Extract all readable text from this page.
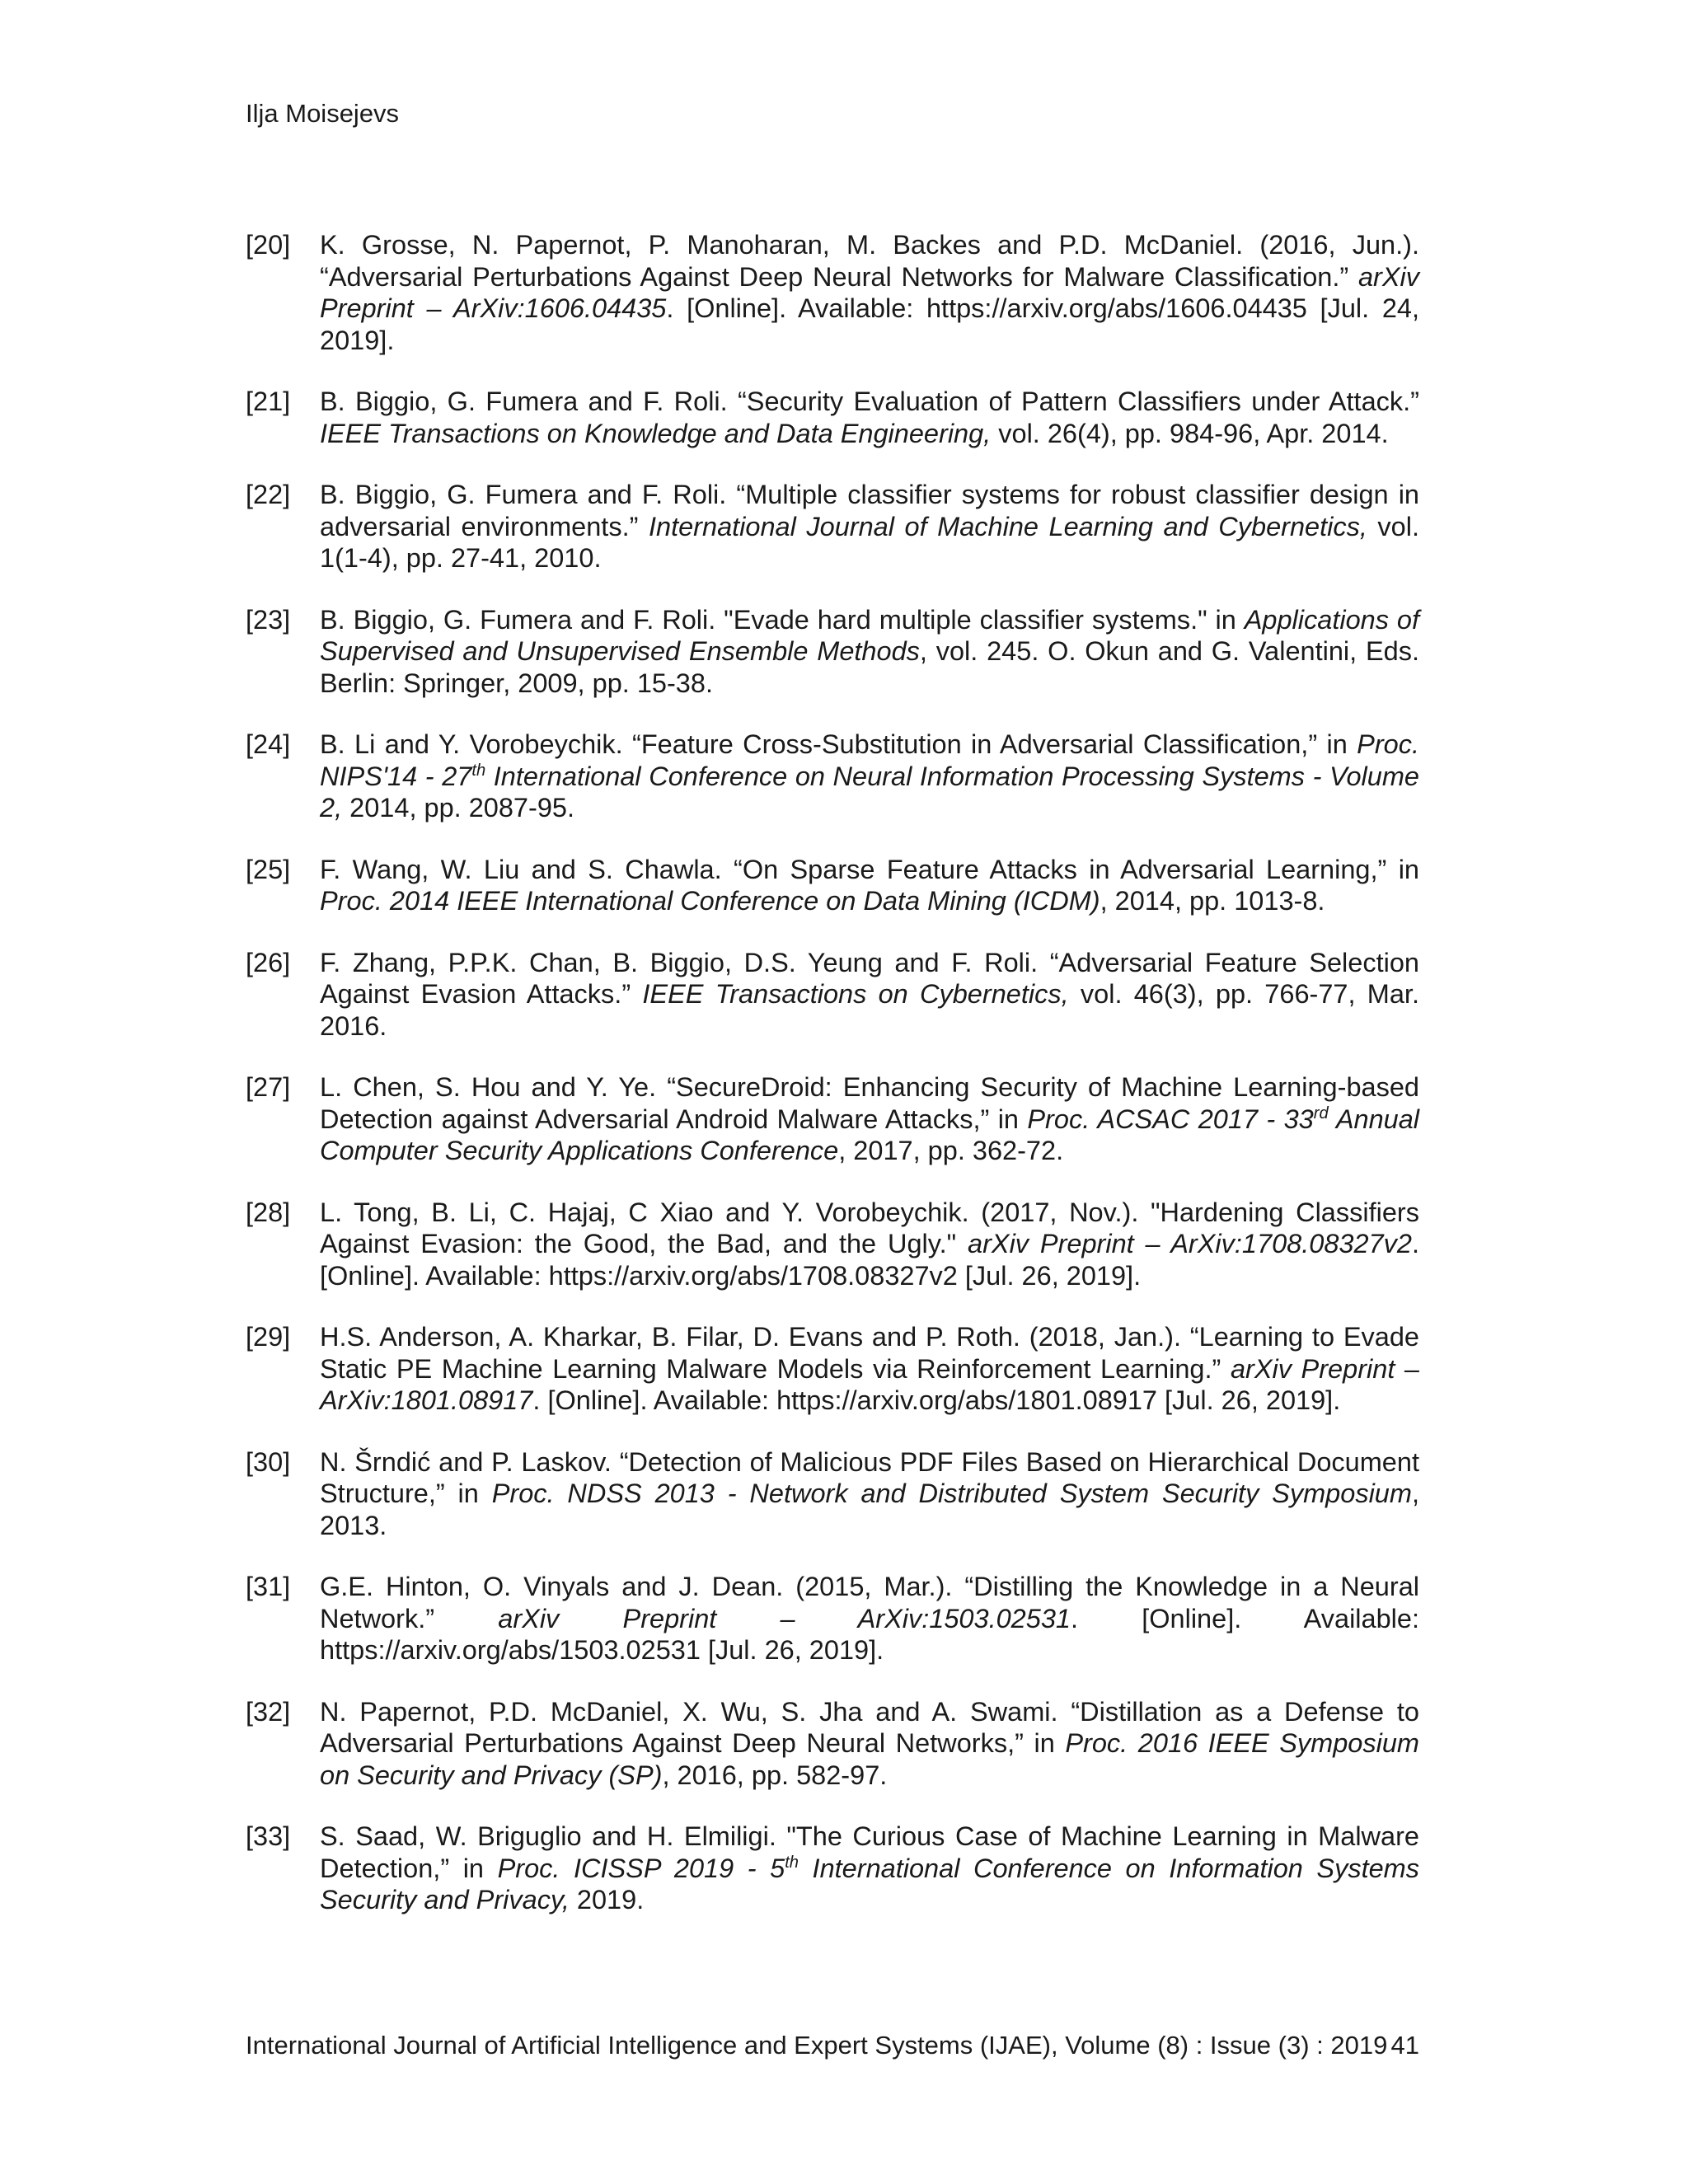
Ilja Moisejevs
[20]	K. Grosse, N. Papernot, P. Manoharan, M. Backes and P.D. McDaniel. (2016, Jun.). “Adversarial Perturbations Against Deep Neural Networks for Malware Classification.” arXiv Preprint – ArXiv:1606.04435. [Online]. Available: https://arxiv.org/abs/1606.04435 [Jul. 24, 2019].
[21]	B. Biggio, G. Fumera and F. Roli. “Security Evaluation of Pattern Classifiers under Attack.” IEEE Transactions on Knowledge and Data Engineering, vol. 26(4), pp. 984-96, Apr. 2014.
[22]	B. Biggio, G. Fumera and F. Roli. “Multiple classifier systems for robust classifier design in adversarial environments.” International Journal of Machine Learning and Cybernetics, vol. 1(1-4), pp. 27-41, 2010.
[23]	B. Biggio, G. Fumera and F. Roli. "Evade hard multiple classifier systems." in Applications of Supervised and Unsupervised Ensemble Methods, vol. 245. O. Okun and G. Valentini, Eds. Berlin: Springer, 2009, pp. 15-38.
[24]	B. Li and Y. Vorobeychik. “Feature Cross-Substitution in Adversarial Classification,” in Proc. NIPS'14 - 27th International Conference on Neural Information Processing Systems - Volume 2, 2014, pp. 2087-95.
[25]	F. Wang, W. Liu and S. Chawla. “On Sparse Feature Attacks in Adversarial Learning,” in Proc. 2014 IEEE International Conference on Data Mining (ICDM), 2014, pp. 1013-8.
[26]	F. Zhang, P.P.K. Chan, B. Biggio, D.S. Yeung and F. Roli. “Adversarial Feature Selection Against Evasion Attacks.” IEEE Transactions on Cybernetics, vol. 46(3), pp. 766-77, Mar. 2016.
[27]	L. Chen, S. Hou and Y. Ye. “SecureDroid: Enhancing Security of Machine Learning-based Detection against Adversarial Android Malware Attacks,” in Proc. ACSAC 2017 - 33rd Annual Computer Security Applications Conference, 2017, pp. 362-72.
[28]	L. Tong, B. Li, C. Hajaj, C Xiao and Y. Vorobeychik. (2017, Nov.). "Hardening Classifiers Against Evasion: the Good, the Bad, and the Ugly." arXiv Preprint – ArXiv:1708.08327v2. [Online]. Available: https://arxiv.org/abs/1708.08327v2 [Jul. 26, 2019].
[29]	H.S. Anderson, A. Kharkar, B. Filar, D. Evans and P. Roth. (2018, Jan.). “Learning to Evade Static PE Machine Learning Malware Models via Reinforcement Learning.” arXiv Preprint – ArXiv:1801.08917. [Online]. Available: https://arxiv.org/abs/1801.08917 [Jul. 26, 2019].
[30]	N. Šrndić and P. Laskov. “Detection of Malicious PDF Files Based on Hierarchical Document Structure,” in Proc. NDSS 2013 - Network and Distributed System Security Symposium, 2013.
[31]	G.E. Hinton, O. Vinyals and J. Dean. (2015, Mar.). “Distilling the Knowledge in a Neural Network.” arXiv Preprint – ArXiv:1503.02531. [Online]. Available: https://arxiv.org/abs/1503.02531 [Jul. 26, 2019].
[32]	N. Papernot, P.D. McDaniel, X. Wu, S. Jha and A. Swami. “Distillation as a Defense to Adversarial Perturbations Against Deep Neural Networks,” in Proc. 2016 IEEE Symposium on Security and Privacy (SP), 2016, pp. 582-97.
[33]	S. Saad, W. Briguglio and H. Elmiligi. "The Curious Case of Machine Learning in Malware Detection,” in Proc. ICISSP 2019 - 5th International Conference on Information Systems Security and Privacy, 2019.
International Journal of Artificial Intelligence and Expert Systems (IJAE), Volume (8) : Issue (3) : 2019 41
